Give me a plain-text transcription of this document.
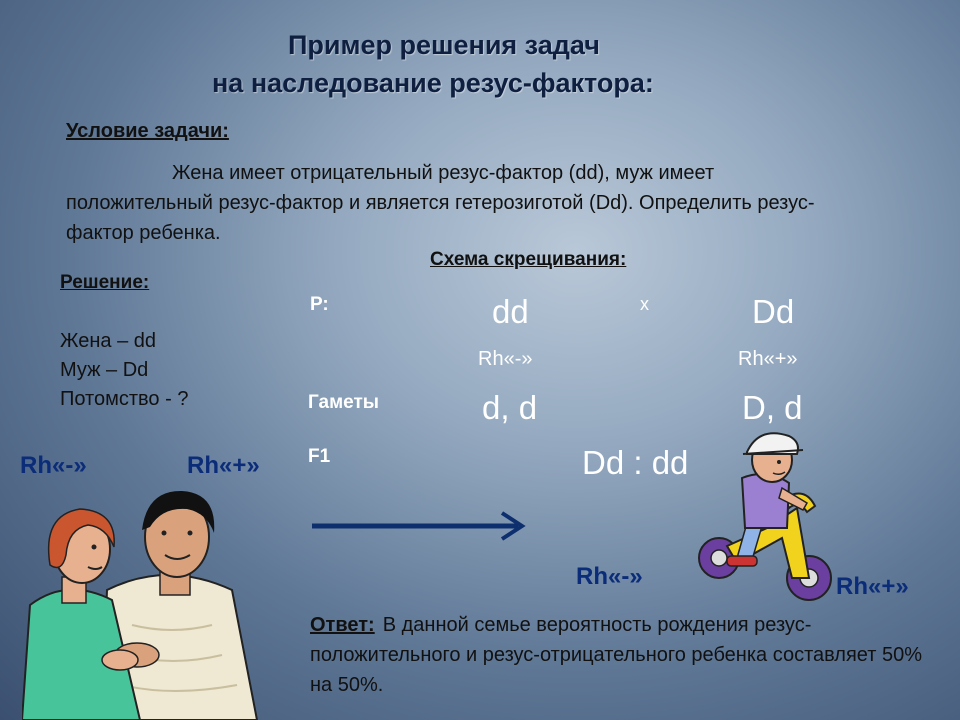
Пример решения задач
на наследование резус-фактора:
Условие задачи:
Жена имеет отрицательный резус-фактор (dd), муж имеет положительный резус-фактор и является гетерозиготой (Dd). Определить резус-фактор ребенка.
Схема скрещивания:
Решение:
Жена – dd
Муж – Dd
Потомство - ?
Р:	dd	х	Dd
Rh«-»	Rh«+»
Гаметы	d, d	D, d
F1	Dd : dd
Rh«-»	Rh«+»
Rh«-»	Rh«+»
Ответ: В данной семье вероятность рождения резус-положительного и резус-отрицательного ребенка составляет 50% на 50%.
